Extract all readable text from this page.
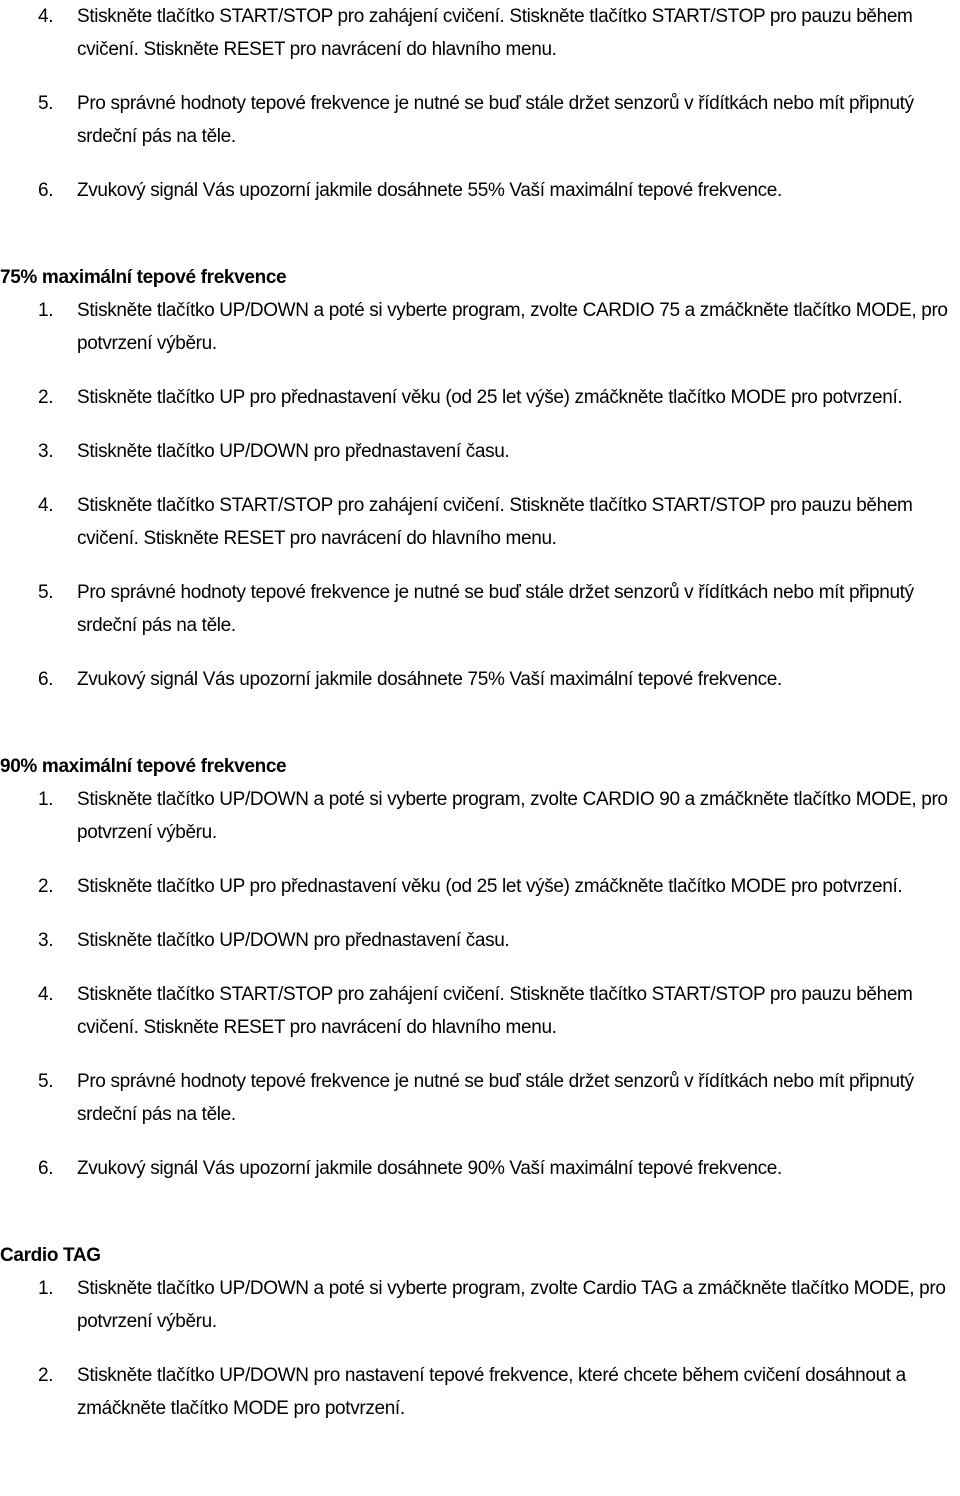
4. Stiskněte tlačítko START/STOP pro zahájení cvičení. Stiskněte tlačítko START/STOP pro pauzu během cvičení. Stiskněte RESET pro navrácení do hlavního menu.
5. Pro správné hodnoty tepové frekvence je nutné se buď stále držet senzorů v řídítkách nebo mít připnutý srdeční pás na těle.
6. Zvukový signál Vás upozorní jakmile dosáhnete 55% Vaší maximální tepové frekvence.
75% maximální tepové frekvence
1. Stiskněte tlačítko UP/DOWN a poté si vyberte program, zvolte CARDIO 75 a zmáčkněte tlačítko MODE, pro potvrzení výběru.
2. Stiskněte tlačítko UP pro přednastavení věku (od 25 let výše) zmáčkněte tlačítko MODE pro potvrzení.
3. Stiskněte tlačítko UP/DOWN pro přednastavení času.
4. Stiskněte tlačítko START/STOP pro zahájení cvičení. Stiskněte tlačítko START/STOP pro pauzu během cvičení. Stiskněte RESET pro navrácení do hlavního menu.
5. Pro správné hodnoty tepové frekvence je nutné se buď stále držet senzorů v řídítkách nebo mít připnutý srdeční pás na těle.
6. Zvukový signál Vás upozorní jakmile dosáhnete 75% Vaší maximální tepové frekvence.
90% maximální tepové frekvence
1. Stiskněte tlačítko UP/DOWN a poté si vyberte program, zvolte CARDIO 90 a zmáčkněte tlačítko MODE, pro potvrzení výběru.
2. Stiskněte tlačítko UP pro přednastavení věku (od 25 let výše) zmáčkněte tlačítko MODE pro potvrzení.
3. Stiskněte tlačítko UP/DOWN pro přednastavení času.
4. Stiskněte tlačítko START/STOP pro zahájení cvičení. Stiskněte tlačítko START/STOP pro pauzu během cvičení. Stiskněte RESET pro navrácení do hlavního menu.
5. Pro správné hodnoty tepové frekvence je nutné se buď stále držet senzorů v řídítkách nebo mít připnutý srdeční pás na těle.
6. Zvukový signál Vás upozorní jakmile dosáhnete 90% Vaší maximální tepové frekvence.
Cardio TAG
1. Stiskněte tlačítko UP/DOWN a poté si vyberte program, zvolte Cardio TAG a zmáčkněte tlačítko MODE, pro potvrzení výběru.
2. Stiskněte tlačítko UP/DOWN pro nastavení tepové frekvence, které chcete během cvičení dosáhnout a zmáčkněte tlačítko MODE pro potvrzení.
